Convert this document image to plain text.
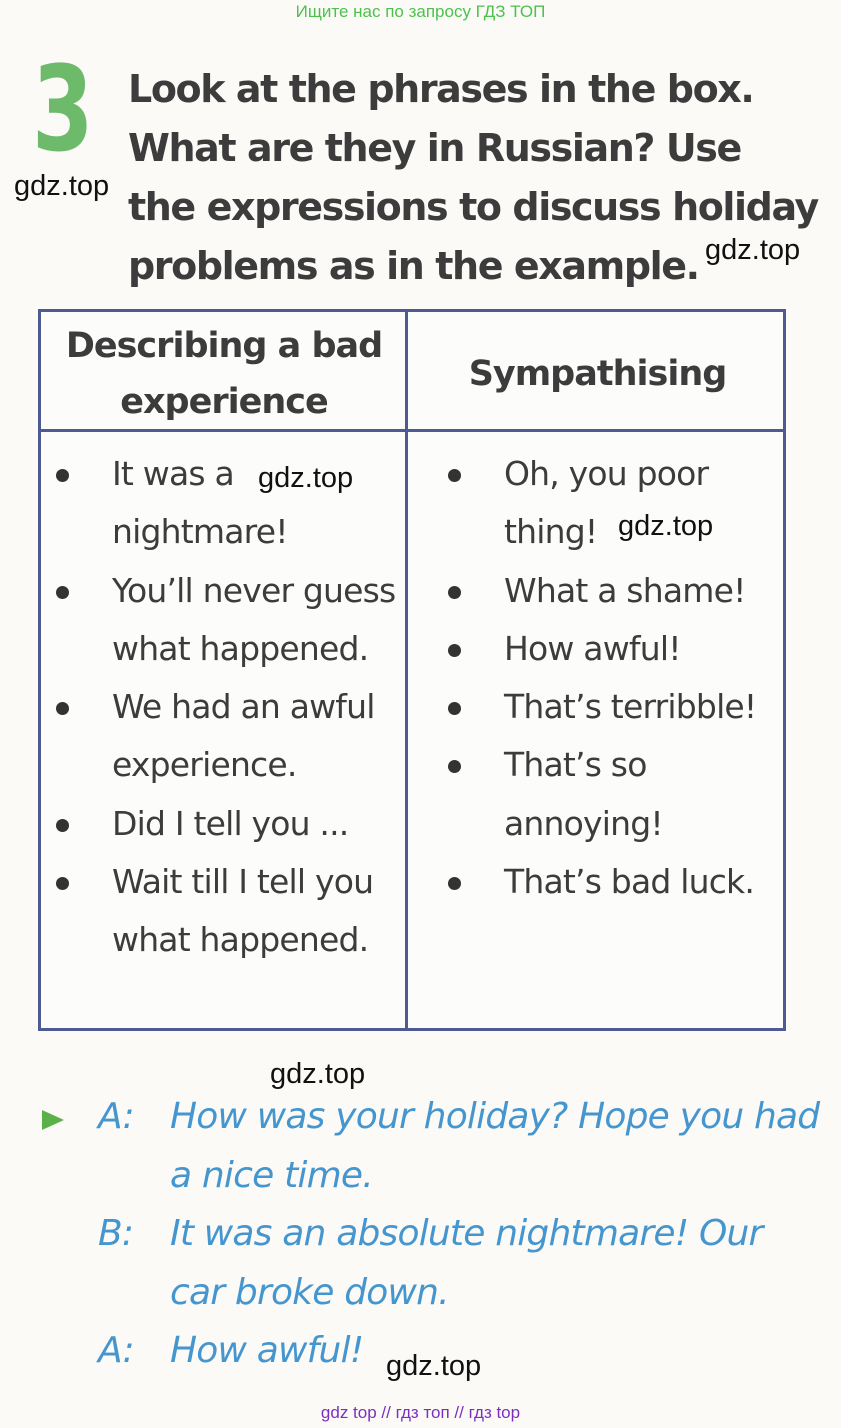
Ищите нас по запросу ГДЗ ТОП
3 Look at the phrases in the box. What are they in Russian? Use the expressions to discuss holiday problems as in the example.
Describing a bad experience
Sympathising
It was a nightmare!
You’ll never guess what happened.
We had an awful experience.
Did I tell you ...
Wait till I tell you what happened.
Oh, you poor thing!
What a shame!
How awful!
That’s terribble!
That’s so annoying!
That’s bad luck.
A:	How was your holiday? Hope you had a nice time.
B:	It was an absolute nightmare! Our car broke down.
A:	How awful!
gdz.top
gdz.top
gdz.top
gdz.top
gdz.top
gdz.top
gdz top // гдз топ // гдз top
